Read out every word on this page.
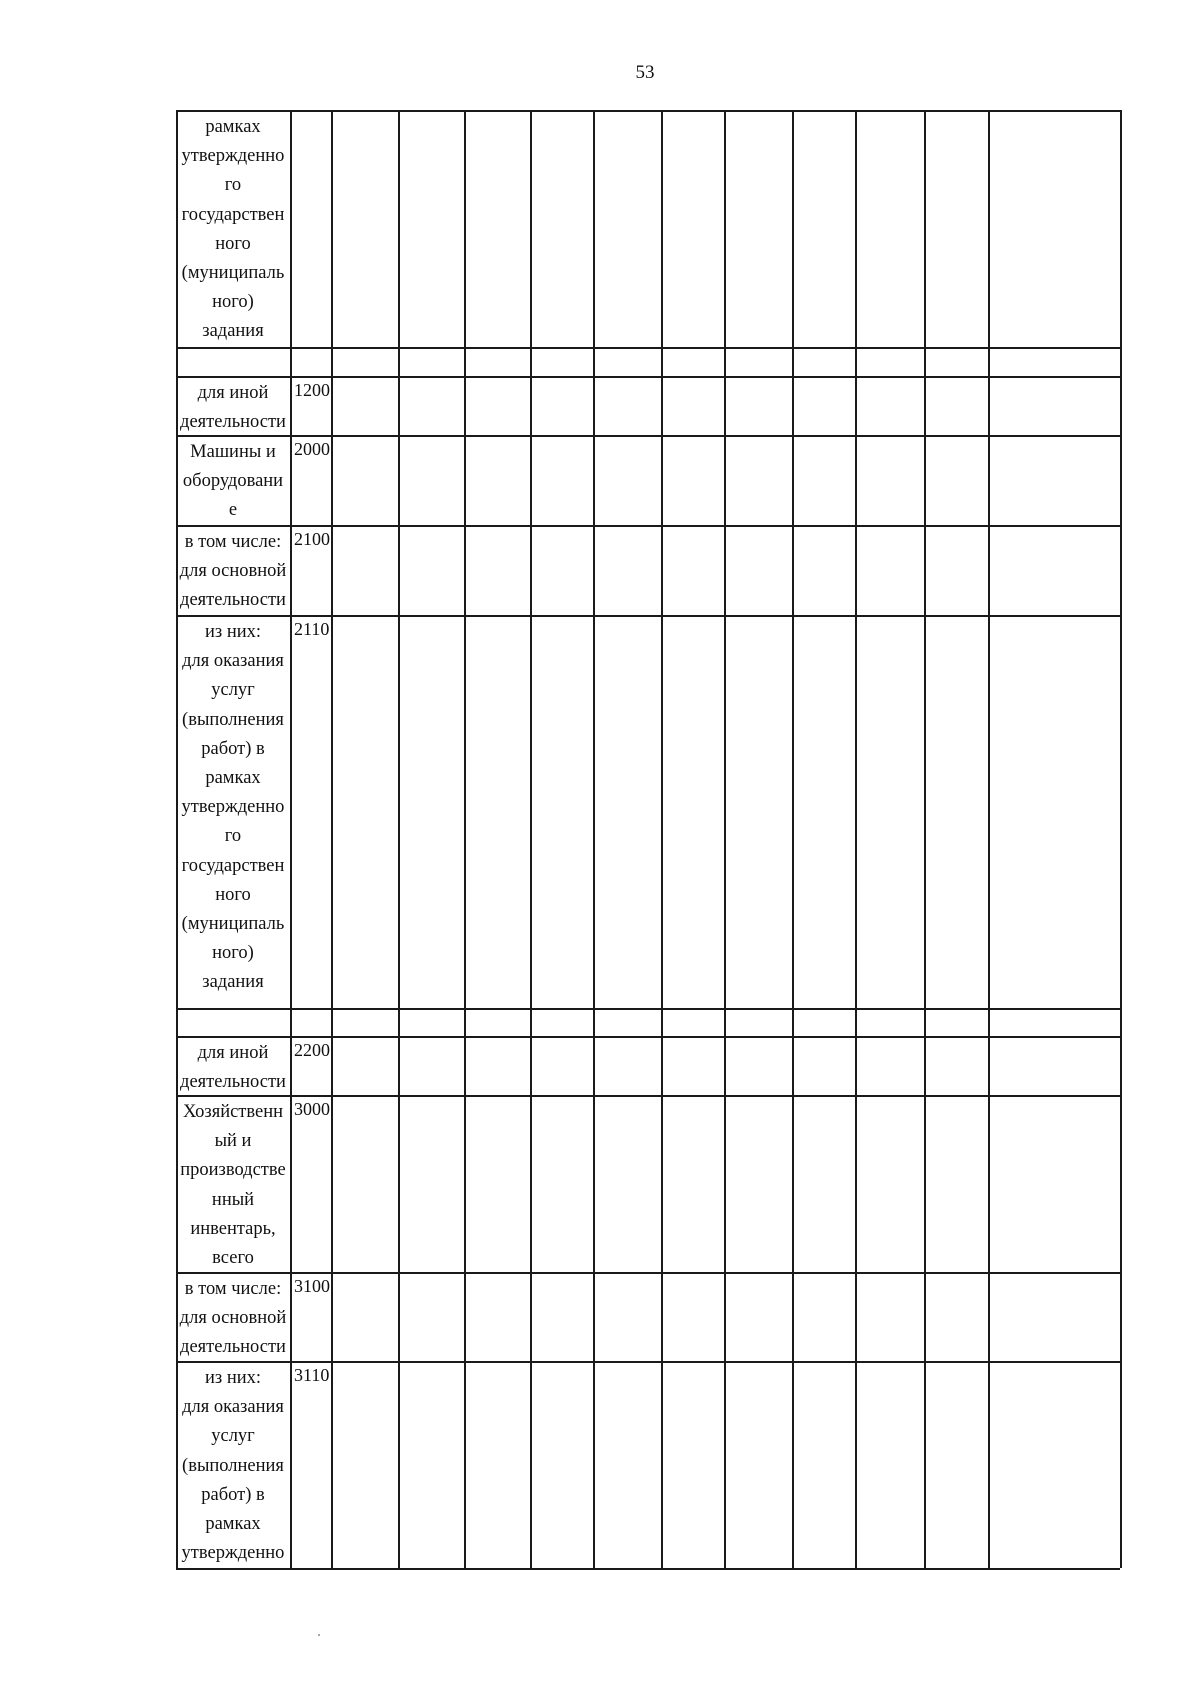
53
рамках
утвержденно
го
государствен
ного
(муниципаль
ного)
задания
для иной
деятельности
1200
Машины и
оборудовани
е
2000
в том числе:
для основной
деятельности
2100
из них:
для оказания
услуг
(выполнения
работ) в
рамках
утвержденно
го
государствен
ного
(муниципаль
ного)
задания
2110
для иной
деятельности
2200
Хозяйственн
ый и
производстве
нный
инвентарь,
всего
3000
в том числе:
для основной
деятельности
3100
из них:
для оказания
услуг
(выполнения
работ) в
рамках
утвержденно
3110
